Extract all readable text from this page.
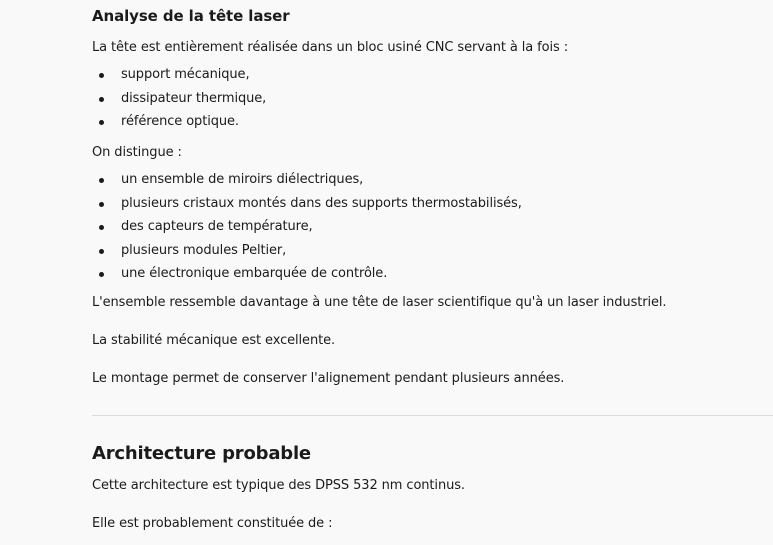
Analyse de la tête laser

La tête est entièrement réalisée dans un bloc usiné CNC servant à la fois :

support mécanique,
dissipateur thermique,
référence optique.

On distingue :

un ensemble de miroirs diélectriques,
plusieurs cristaux montés dans des supports thermostabilisés,
des capteurs de température,
plusieurs modules Peltier,
une électronique embarquée de contrôle.

L'ensemble ressemble davantage à une tête de laser scientifique qu'à un laser industriel.

La stabilité mécanique est excellente.

Le montage permet de conserver l'alignement pendant plusieurs années.

Architecture probable

Cette architecture est typique des DPSS 532 nm continus.

Elle est probablement constituée de :
